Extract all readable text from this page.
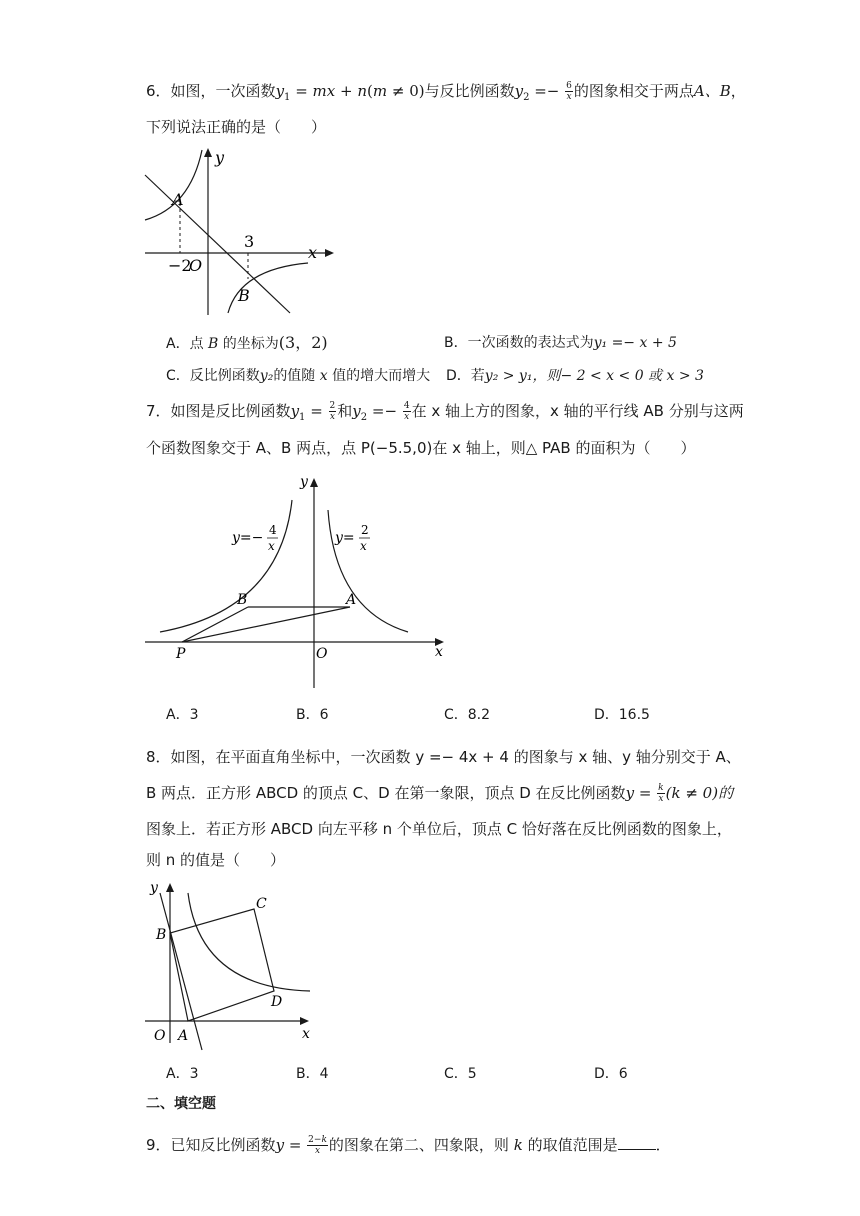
6．如图，一次函数$y_1$ = mx + n(m ≠ 0)与反比例函数$y_2 =- \frac{6}{x}$ 的图象相交于两点A、B，
下列说法正确的是（　　）
y
x
A
B
O
−2
3
A．点 B 的坐标为(3，2)	B．一次函数的表达式为y₁ =− x + 5
C．反比例函数y₂的值随 x 值的增大而增大 D．若y₂ > y₁，则− 2 < x < 0 或 x > 3
7．如图是反比例函数$y_1 = \frac{2}{x}$ 和$y_2 =- \frac{4}{x}$ 在 x 轴上方的图象，x 轴的平行线 AB 分别与这两
个函数图象交于 A、B 两点，点 P(−5.5,0)在 x 轴上，则△ PAB 的面积为（　　）
y
x
B	A
P	O
y=− 4
x	y= 2
x
A．3	B．6	C．8.2	D．16.5
8．如图，在平面直角坐标中，一次函数 y =− 4x + 4 的图象与 x 轴、y 轴分别交于 A、
B 两点．正方形 ABCD 的顶点 C、D 在第一象限，顶点 D 在反比例函数$y = \frac{k}{x} (k \ne 0)$的
图象上．若正方形 ABCD 向左平移 n 个单位后，顶点 C 恰好落在反比例函数的图象上，
则 n 的值是（　　）
y
x
B
C
D
A
O
A．3	B．4	C．5	D．6
二、填空题
9．已知反比例函数$y = \frac{2-k}{x}$ 的图象在第二、四象限，则 k 的取值范围是	．
